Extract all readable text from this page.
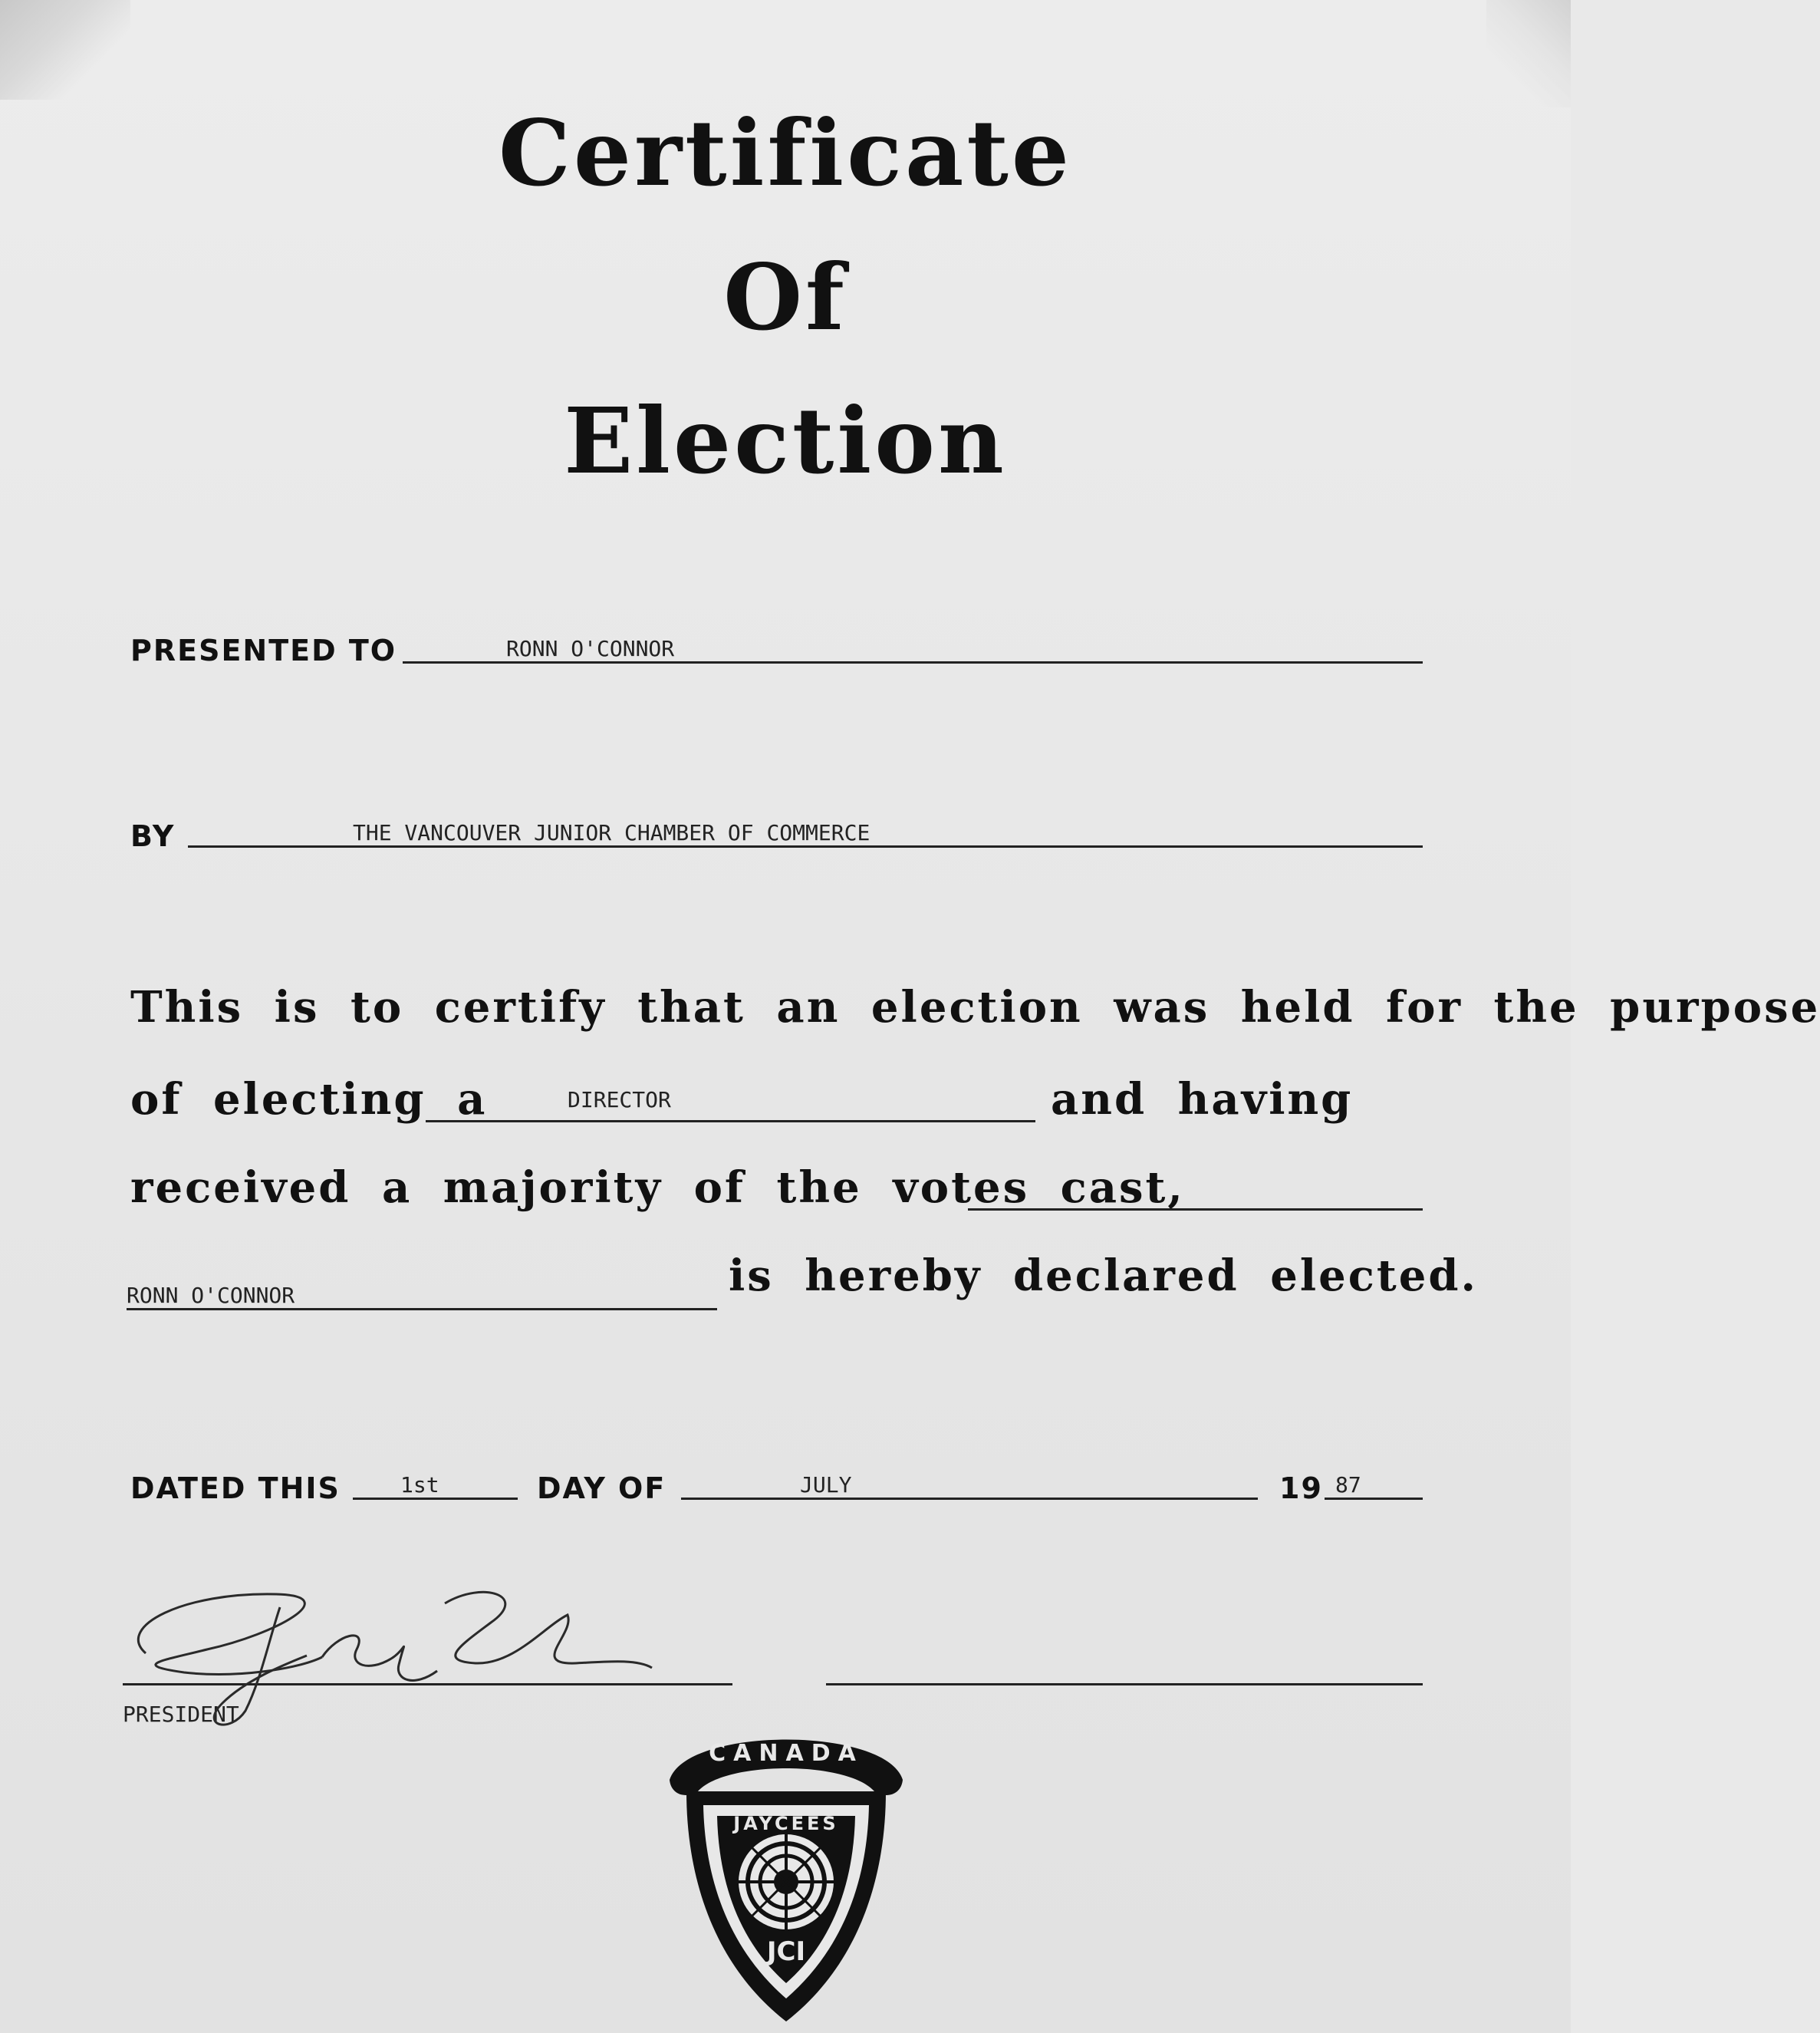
Certificate
Of
Election
PRESENTED TO	RONN O'CONNOR
BY	THE VANCOUVER JUNIOR CHAMBER OF COMMERCE
This is to certify that an election was held for the purpose
of electing a	DIRECTOR	and having
received a majority of the votes cast,
RONN O'CONNOR	is hereby declared elected.
DATED THIS	1st	DAY OF	JULY	19 87
PRESIDENT
CANADA
JAYCEES
JCI
